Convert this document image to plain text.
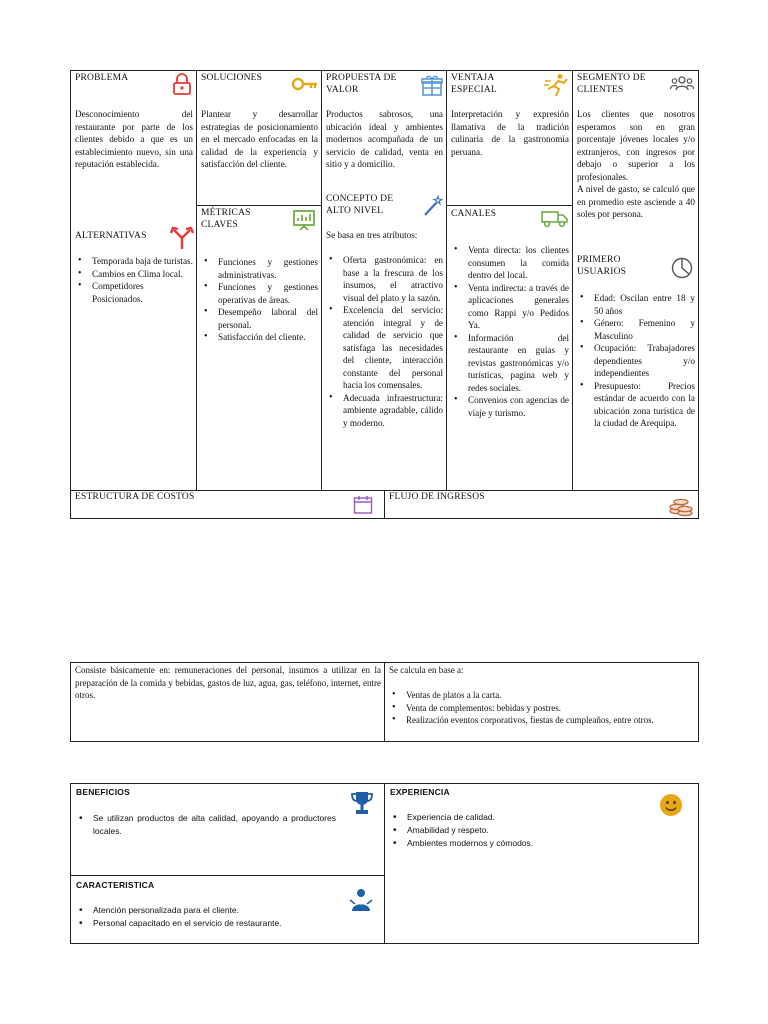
PROBLEMA
Desconocimiento del restaurante por parte de los clientes debido a que es un establecimiento nuevo, sin una reputación establecida.
ALTERNATIVAS
• Temporada baja de turistas.
• Cambios en Clima local.
• Competidores Posicionados.
SOLUCIONES
Plantear y desarrollar estrategias de posicionamiento en el mercado enfocadas en la calidad de la experiencia y satisfacción del cliente.
MÉTRICAS
CLAVES
• Funciones y gestiones administrativas.
• Funciones y gestiones operativas de áreas.
• Desempeño laboral del personal.
• Satisfacción del cliente.
PROPUESTA DE
VALOR
Productos sabrosos, una ubicación ideal y ambientes modernos acompañada de un servicio de calidad, venta en sitio y a domicilio.
CONCEPTO DE
ALTO NIVEL
Se basa en tres atributos:
• Oferta gastronómica: en base a la frescura de los insumos, el atractivo visual del plato y la sazón.
• Excelencia del servicio: atención integral y de calidad de servicio que satisfaga las necesidades del cliente, interacción constante del personal hacia los comensales.
• Adecuada infraestructura: ambiente agradable, cálido y moderno.
VENTAJA
ESPECIAL
Interpretación y expresión llamativa de la tradición culinaria de la gastronomía peruana.
CANALES
• Venta directa: los clientes consumen la comida dentro del local.
• Venta indirecta: a través de aplicaciones generales como Rappi y/o Pedidos Ya.
• Información del restaurante en guías y revistas gastronómicas y/o turísticas, pagina web y redes sociales.
• Convenios con agencias de viaje y turismo.
SEGMENTO DE
CLIENTES

Los clientes que nosotros esperamos son en gran porcentaje jóvenes locales y/o extranjeros, con ingresos por debajo o superior a los profesionales.

A nivel de gasto, se calculó que en promedio este asciende a 40 soles por persona.

PRIMERO
USUARIOS
• Edad: Oscilan entre 18 y 50 años
• Género: Femenino y Masculino
• Ocupación: Trabajadores dependientes y/o independientes
• Presupuesto: Precios estándar de acuerdo con la ubicación zona turística de la ciudad de Arequipa.
ESTRUCTURA DE COSTOS	FLUJO DE INGRESOS
Consiste básicamente en: remuneraciones del personal, insumos a utilizar en la preparación de la comida y bebidas, gastos de luz, agua, gas, teléfono, internet, entre otros.
Se calcula en base a:
• Ventas de platos a la carta.
• Venta de complementos: bebidas y postres.
• Realización eventos corporativos, fiestas de cumpleaños, entre otros.
BENEFICIOS
• Se utilizan productos de alta calidad, apoyando a productores locales.
CARACTERISTICA
• Atención personalizada para el cliente.
• Personal capacitado en el servicio de restaurante.
EXPERIENCIA
• Experiencia de calidad.
• Amabilidad y respeto.
• Ambientes modernos y cómodos.
